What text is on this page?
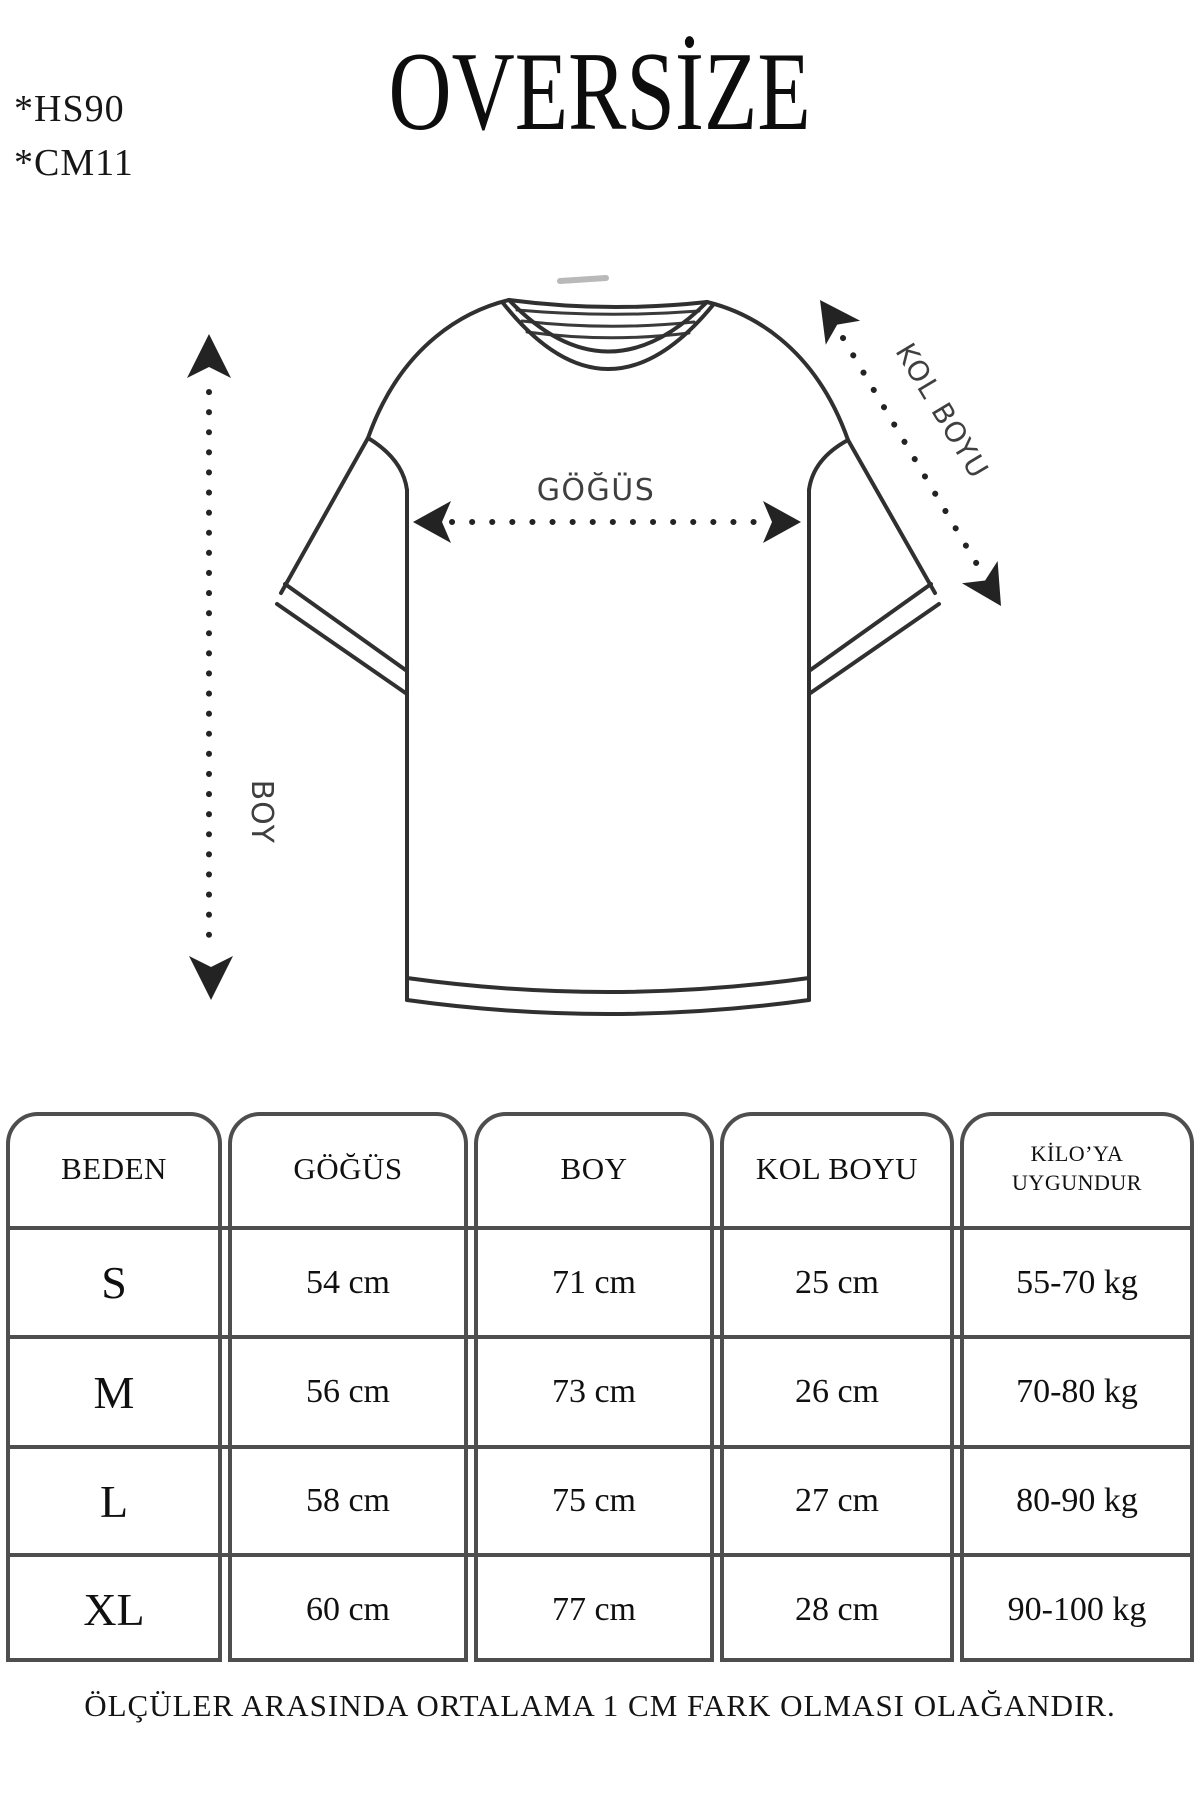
*HS90
*CM11
OVERSİZE
GÖĞÜS
BOY
KOL BOYU
BEDEN	GÖĞÜS	BOY	KOL BOYU	KİLO’YA
UYGUNDUR
S	54 cm	71 cm	25 cm	55-70 kg
M	56 cm	73 cm	26 cm	70-80 kg
L	58 cm	75 cm	27 cm	80-90 kg
XL	60 cm	77 cm	28 cm	90-100 kg
ÖLÇÜLER ARASINDA ORTALAMA 1 CM FARK OLMASI OLAĞANDIR.
